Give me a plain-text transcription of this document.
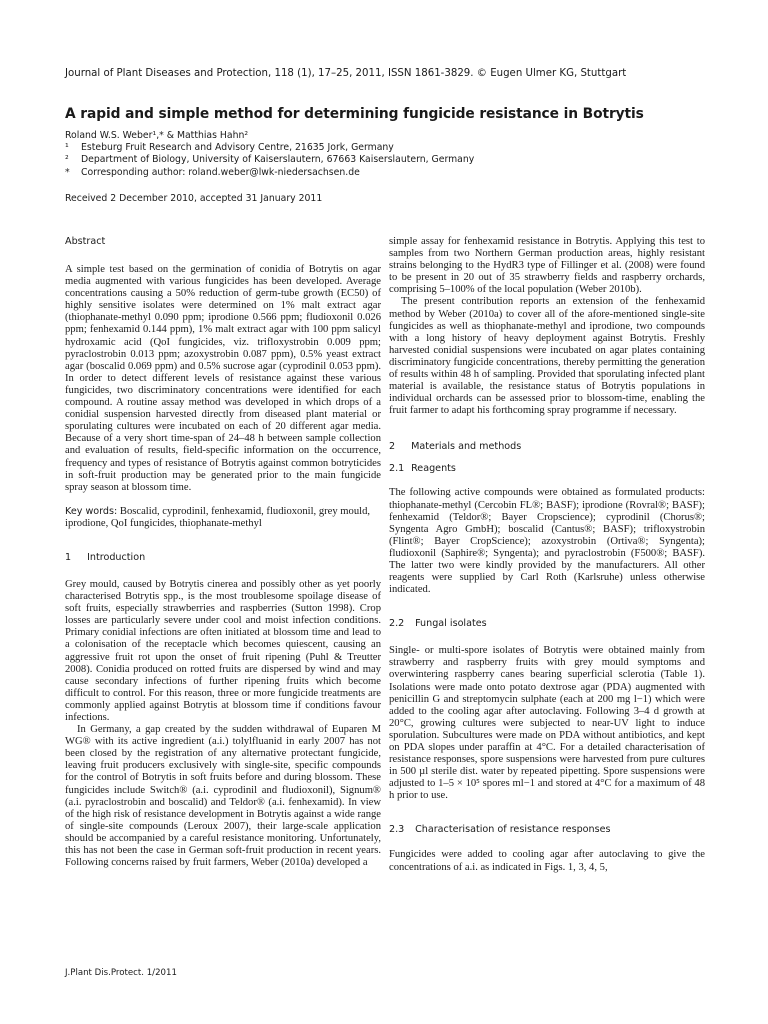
Journal of Plant Diseases and Protection, 118 (1), 17–25, 2011, ISSN 1861-3829. © Eugen Ulmer KG, Stuttgart
A rapid and simple method for determining fungicide resistance in Botrytis
Roland W.S. Weber¹,* & Matthias Hahn²
¹	Esteburg Fruit Research and Advisory Centre, 21635 Jork, Germany
²	Department of Biology, University of Kaiserslautern, 67663 Kaiserslautern, Germany
*	Corresponding author: roland.weber@lwk-niedersachsen.de
Received 2 December 2010, accepted 31 January 2011
Abstract

A simple test based on the germination of conidia of Botrytis on agar media augmented with various fungicides has been developed. Average concentrations causing a 50% reduction of germ-tube growth (EC50) of highly sensitive isolates were determined on 1% malt extract agar (thiophanate-methyl 0.090 ppm; iprodione 0.566 ppm; fludioxonil 0.026 ppm; fenhexamid 0.144 ppm), 1% malt extract agar with 100 ppm salicyl hydroxamic acid (QoI fungicides, viz. trifloxystrobin 0.009 ppm; pyraclostrobin 0.013 ppm; azoxystrobin 0.087 ppm), 0.5% yeast extract agar (boscalid 0.069 ppm) and 0.5% sucrose agar (cyprodinil 0.053 ppm). In order to detect different levels of resistance against these various fungicides, two discriminatory concentrations were identified for each compound. A routine assay method was developed in which drops of a conidial suspension harvested directly from diseased plant material or sporulating cultures were incubated on each of 20 different agar media. Because of a very short time-span of 24–48 h between sample collection and evaluation of results, field-specific information on the occurrence, frequency and types of resistance of Botrytis against common botryticides in soft-fruit production may be generated prior to the main fungicide spray season at blossom time.

Key words: Boscalid, cyprodinil, fenhexamid, fludioxonil, grey mould, iprodione, QoI fungicides, thiophanate-methyl

1 Introduction

Grey mould, caused by Botrytis cinerea and possibly other as yet poorly characterised Botrytis spp., is the most troublesome spoilage disease of soft fruits, especially strawberries and raspberries (Sutton 1998). Crop losses are particularly severe under cool and moist infection conditions. Primary conidial infections are often initiated at blossom time and lead to a colonisation of the receptacle which becomes quiescent, causing an aggressive fruit rot upon the onset of fruit ripening (Puhl & Treutter 2008). Conidia produced on rotted fruits are dispersed by wind and may cause secondary infections of further ripening fruits which become difficult to control. For this reason, three or more fungicide treatments are commonly applied against Botrytis at blossom time if conditions favour infections.

In Germany, a gap created by the sudden withdrawal of Euparen M WG® with its active ingredient (a.i.) tolylfluanid in early 2007 has not been closed by the registration of any alternative protectant fungicide, leaving fruit producers exclusively with single-site, specific compounds for the control of Botrytis in soft fruits before and during blossom. These fungicides include Switch® (a.i. cyprodinil and fludioxonil), Signum® (a.i. pyraclostrobin and boscalid) and Teldor® (a.i. fenhexamid). In view of the high risk of resistance development in Botrytis against a wide range of single-site compounds (Leroux 2007), their large-scale application should be accompanied by a careful resistance monitoring. Unfortunately, this has not been the case in German soft-fruit production in recent years. Following concerns raised by fruit farmers, Weber (2010a) developed a

simple assay for fenhexamid resistance in Botrytis. Applying this test to samples from two Northern German production areas, highly resistant strains belonging to the HydR3 type of Fillinger et al. (2008) were found to be present in 20 out of 35 strawberry fields and raspberry orchards, comprising 5–100% of the local population (Weber 2010b).

The present contribution reports an extension of the fenhexamid method by Weber (2010a) to cover all of the afore-mentioned single-site fungicides as well as thiophanate-methyl and iprodione, two compounds with a long history of heavy deployment against Botrytis. Freshly harvested conidial suspensions were incubated on agar plates containing discriminatory fungicide concentrations, thereby permitting the generation of results within 48 h of sampling. Provided that sporulating infected plant material is available, the resistance status of Botrytis populations in individual orchards can be assessed prior to blossom-time, enabling the fruit farmer to adapt his forthcoming spray programme if necessary.

2 Materials and methods
2.1 Reagents

The following active compounds were obtained as formulated products: thiophanate-methyl (Cercobin FL®; BASF); iprodione (Rovral®; BASF); fenhexamid (Teldor®; Bayer Cropscience); cyprodinil (Chorus®; Syngenta Agro GmbH); boscalid (Cantus®; BASF); trifloxystrobin (Flint®; Bayer CropScience); azoxystrobin (Ortiva®; Syngenta); fludioxonil (Saphire®; Syngenta); and pyraclostrobin (F500®; BASF). The latter two were kindly provided by the manufacturers. All other reagents were supplied by Carl Roth (Karlsruhe) unless otherwise indicated.

2.2 Fungal isolates

Single- or multi-spore isolates of Botrytis were obtained mainly from strawberry and raspberry fruits with grey mould symptoms and overwintering raspberry canes bearing superficial sclerotia (Table 1). Isolations were made onto potato dextrose agar (PDA) augmented with penicillin G and streptomycin sulphate (each at 200 mg l−1) which were added to the cooling agar after autoclaving. Following 3–4 d growth at 20°C, growing cultures were subjected to near-UV light to induce sporulation. Subcultures were made on PDA without antibiotics, and kept on PDA slopes under paraffin at 4°C. For a detailed characterisation of resistance responses, spore suspensions were harvested from pure cultures in 500 µl sterile dist. water by repeated pipetting. Spore suspensions were adjusted to 1–5 × 10⁵ spores ml−1 and stored at 4°C for a maximum of 48 h prior to use.

2.3 Characterisation of resistance responses

Fungicides were added to cooling agar after autoclaving to give the concentrations of a.i. as indicated in Figs. 1, 3, 4, 5,

J.Plant Dis.Protect. 1/2011
